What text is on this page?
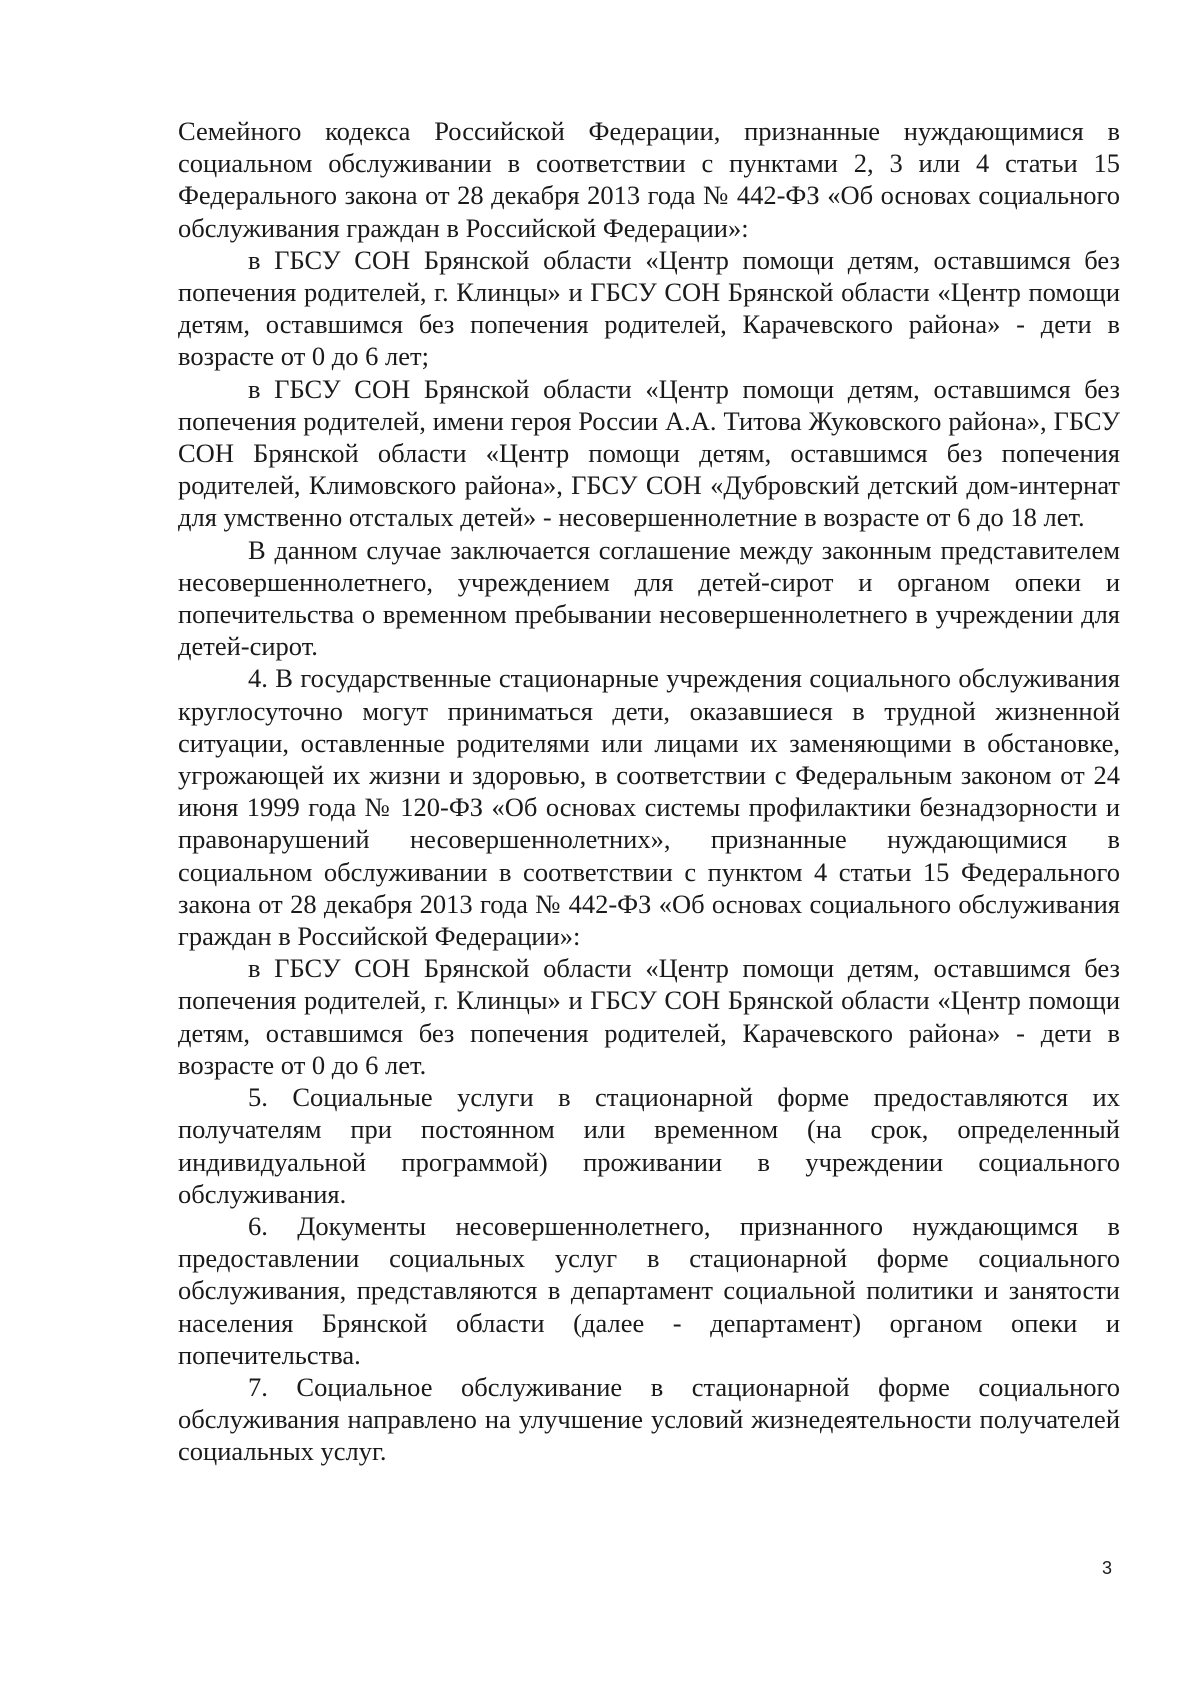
Семейного кодекса Российской Федерации, признанные нуждающимися в социальном обслуживании в соответствии с пунктами 2, 3 или 4 статьи 15 Федерального закона от 28 декабря 2013 года № 442-ФЗ «Об основах социального обслуживания граждан в Российской Федерации»:

в ГБСУ СОН Брянской области «Центр помощи детям, оставшимся без попечения родителей, г. Клинцы» и ГБСУ СОН Брянской области «Центр помощи детям, оставшимся без попечения родителей, Карачевского района» - дети в возрасте от 0 до 6 лет;

в ГБСУ СОН Брянской области «Центр помощи детям, оставшимся без попечения родителей, имени героя России А.А. Титова Жуковского района», ГБСУ СОН Брянской области «Центр помощи детям, оставшимся без попечения родителей, Климовского района», ГБСУ СОН «Дубровский детский дом-интернат для умственно отсталых детей» - несовершеннолетние в возрасте от 6 до 18 лет.

В данном случае заключается соглашение между законным представителем несовершеннолетнего, учреждением для детей-сирот и органом опеки и попечительства о временном пребывании несовершеннолетнего в учреждении для детей-сирот.

4. В государственные стационарные учреждения социального обслуживания круглосуточно могут приниматься дети, оказавшиеся в трудной жизненной ситуации, оставленные родителями или лицами их заменяющими в обстановке, угрожающей их жизни и здоровью, в соответствии с Федеральным законом от 24 июня 1999 года № 120-ФЗ «Об основах системы профилактики безнадзорности и правонарушений несовершеннолетних», признанные нуждающимися в социальном обслуживании в соответствии с пунктом 4 статьи 15 Федерального закона от 28 декабря 2013 года № 442-ФЗ «Об основах социального обслуживания граждан в Российской Федерации»:

в ГБСУ СОН Брянской области «Центр помощи детям, оставшимся без попечения родителей, г. Клинцы» и ГБСУ СОН Брянской области «Центр помощи детям, оставшимся без попечения родителей, Карачевского района» - дети в возрасте от 0 до 6 лет.

5. Социальные услуги в стационарной форме предоставляются их получателям при постоянном или временном (на срок, определенный индивидуальной программой) проживании в учреждении социального обслуживания.

6. Документы несовершеннолетнего, признанного нуждающимся в предоставлении социальных услуг в стационарной форме социального обслуживания, представляются в департамент социальной политики и занятости населения Брянской области (далее - департамент) органом опеки и попечительства.

7. Социальное обслуживание в стационарной форме социального обслуживания направлено на улучшение условий жизнедеятельности получателей социальных услуг.

3
